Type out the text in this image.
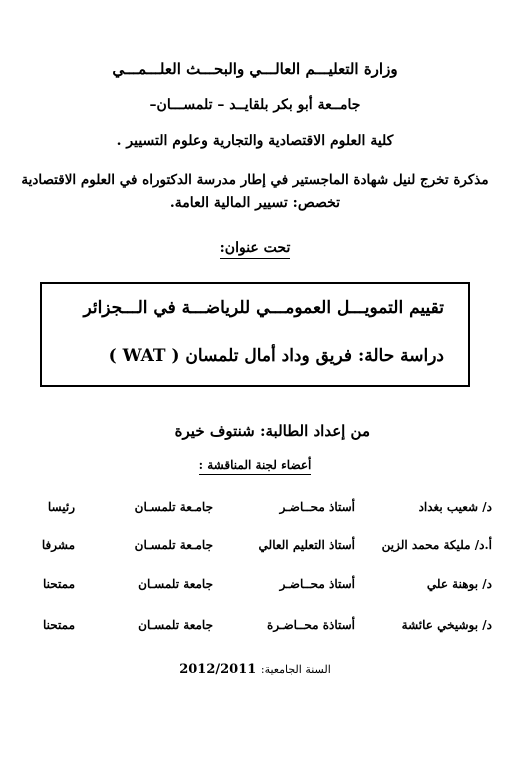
وزارة التعليـــم العالـــي والبحـــث العلـــمـــي
جامــعة أبو بكر بلقايــد – تلمســـان–
كلية العلوم الاقتصادية والتجارية وعلوم التسيير .
مذكرة تخرج لنيل شهادة الماجستير في إطار مدرسة الدكتوراه في العلوم الاقتصادية
تخصص: تسيير المالية العامة.
تحت عنوان:
تقييم التمويـــل العمومـــي للرياضـــة في الـــجزائر
دراسة حالة: فريق وداد أمال تلمسان ( WAT )
من إعداد الطالبة: شنتوف خيرة
أعضاء لجنة المناقشة :
د/ شعيب بغداد
أستاذ محــاضـر
جامـعة تلمسـان
رئيسا
أ.د/ مليكة محمد الزين
أستاذ التعليم العالي
جامـعة تلمسـان
مشرفا
د/ بوهنة علي
أستاذ محــاضـر
جامعة تلمسـان
ممتحنا
د/ بوشيخي عائشة
أستاذة محــاضـرة
جامعة تلمسـان
ممتحنا
السنة الجامعية: 2012/2011
